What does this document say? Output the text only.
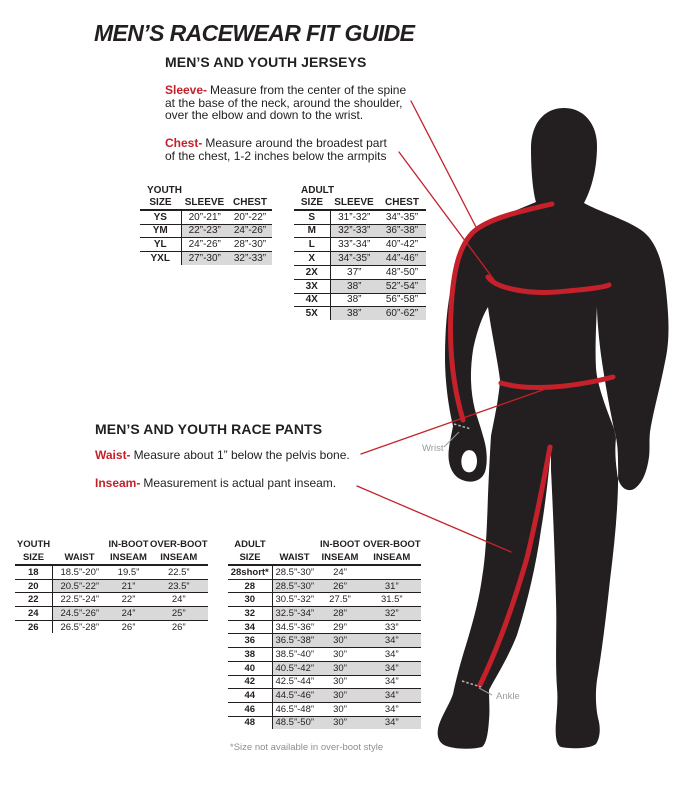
Wrist
Ankle
MEN’S RACEWEAR FIT GUIDE
MEN’S AND YOUTH JERSEYS
MEN’S AND YOUTH RACE PANTS

Sleeve- Measure from the center of the spine
at the base of the neck, around the shoulder,
over the elbow and down to the wrist.

Chest- Measure around the broadest part
of the chest, 1-2 inches below the armpits

Waist- Measure about 1” below the pelvis bone.

Inseam- Measurement is actual pant inseam.

YOUTH
SIZE	SLEEVE	CHEST
YS	20”-21”	20”-22”
YM	22”-23”	24”-26”
YL	24”-26”	28”-30”
YXL	27”-30”	32”-33”
ADULT
SIZE	SLEEVE	CHEST
S	31”-32”	34”-35”
M	32”-33”	36”-38”
L	33”-34”	40”-42”
X	34”-35”	44”-46”
2X	37”	48”-50”
3X	38”	52”-54”
4X	38”	56”-58”
5X	38”	60”-62”
YOUTH		IN-BOOT	OVER-BOOT
SIZE	WAIST	INSEAM	INSEAM
18	18.5”-20”	19.5”	22.5”
20	20.5”-22”	21”	23.5”
22	22.5”-24”	22”	24”
24	24.5”-26”	24”	25”
26	26.5”-28”	26”	26”
ADULT		IN-BOOT	OVER-BOOT
SIZE	WAIST	INSEAM	INSEAM
28short*	28.5”-30”	24”	
28	28.5”-30”	26”	31”
30	30.5”-32”	27.5”	31.5”
32	32.5”-34”	28”	32”
34	34.5”-36”	29”	33”
36	36.5”-38”	30”	34”
38	38.5”-40”	30”	34”
40	40.5”-42”	30”	34”
42	42.5”-44”	30”	34”
44	44.5”-46”	30”	34”
46	46.5”-48”	30”	34”
48	48.5”-50”	30”	34”
*Size not available in over-boot style
